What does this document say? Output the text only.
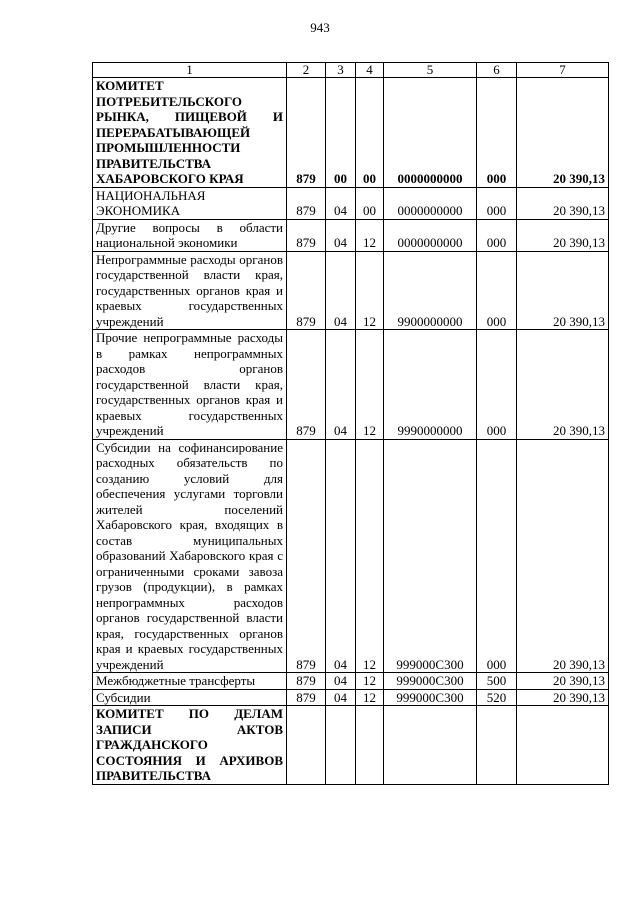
943
1	2	3	4	5	6	7
КОМИТЕТ ПОТРЕБИТЕЛЬСКОГО РЫНКА, ПИЩЕВОЙ И ПЕРЕРАБАТЫВАЮЩЕЙ ПРОМЫШЛЕННОСТИ ПРАВИТЕЛЬСТВА ХАБАРОВСКОГО КРАЯ	879	00	00	0000000000	000	20 390,13
НАЦИОНАЛЬНАЯ ЭКОНОМИКА	879	04	00	0000000000	000	20 390,13
Другие вопросы в области национальной экономики	879	04	12	0000000000	000	20 390,13
Непрограммные расходы органов государственной власти края, государственных органов края и краевых государственных учреждений	879	04	12	9900000000	000	20 390,13
Прочие непрограммные расходы в рамках непрограммных расходов органов государственной власти края, государственных органов края и краевых государственных учреждений	879	04	12	9990000000	000	20 390,13
Субсидии на софинансирование расходных обязательств по созданию условий для обеспечения услугами торговли жителей поселений Хабаровского края, входящих в состав муниципальных образований Хабаровского края с ограниченными сроками завоза грузов (продукции), в рамках непрограммных расходов органов государственной власти края, государственных органов края и краевых государственных учреждений	879	04	12	999000С300	000	20 390,13
Межбюджетные трансферты	879	04	12	999000С300	500	20 390,13
Субсидии	879	04	12	999000С300	520	20 390,13
КОМИТЕТ ПО ДЕЛАМ ЗАПИСИ АКТОВ ГРАЖДАНСКОГО СОСТОЯНИЯ И АРХИВОВ ПРАВИТЕЛЬСТВА						
